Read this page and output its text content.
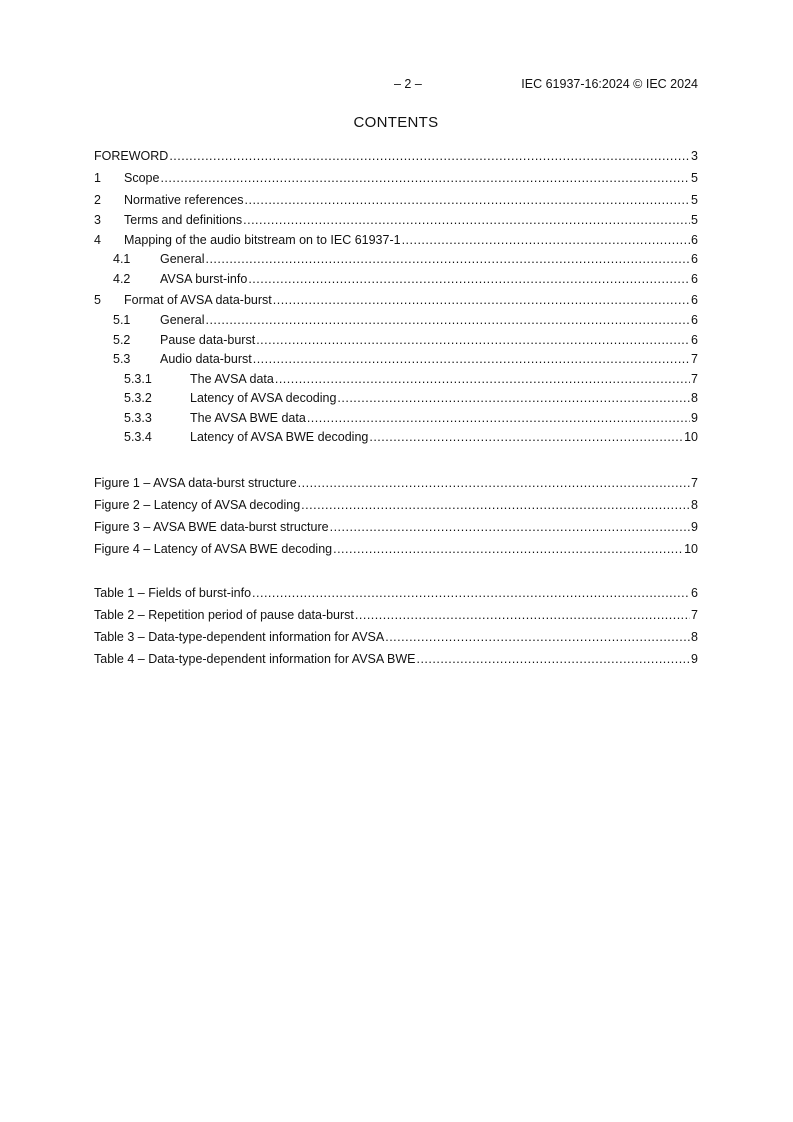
– 2 –	IEC 61937-16:2024 © IEC 2024
CONTENTS
FOREWORD .....	3
1	Scope .....	5
2	Normative references .....	5
3	Terms and definitions .....	5
4	Mapping of the audio bitstream on to IEC 61937-1 .....	6
4.1	General .....	6
4.2	AVSA burst-info .....	6
5	Format of AVSA data-burst .....	6
5.1	General .....	6
5.2	Pause data-burst .....	6
5.3	Audio data-burst .....	7
5.3.1	The AVSA data .....	7
5.3.2	Latency of AVSA decoding .....	8
5.3.3	The AVSA BWE data .....	9
5.3.4	Latency of AVSA BWE decoding .....	10
Figure 1 – AVSA data-burst structure .....	7
Figure 2 – Latency of AVSA decoding .....	8
Figure 3 – AVSA BWE data-burst structure .....	9
Figure 4 – Latency of AVSA BWE decoding .....	10
Table 1 – Fields of burst-info .....	6
Table 2 – Repetition period of pause data-burst .....	7
Table 3 – Data-type-dependent information for AVSA .....	8
Table 4 – Data-type-dependent information for AVSA BWE .....	9
